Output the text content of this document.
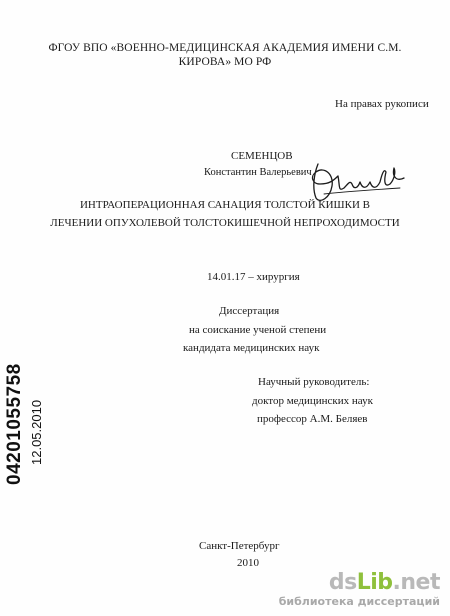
ФГОУ ВПО «ВОЕННО-МЕДИЦИНСКАЯ АКАДЕМИЯ ИМЕНИ С.М.
КИРОВА» МО РФ
На правах рукописи
СЕМЕНЦОВ
Константин Валерьевич
ИНТРАОПЕРАЦИОННАЯ САНАЦИЯ ТОЛСТОЙ КИШКИ В
ЛЕЧЕНИИ ОПУХОЛЕВОЙ ТОЛСТОКИШЕЧНОЙ НЕПРОХОДИМОСТИ
14.01.17 – хирургия
Диссертация
на соискание ученой степени
кандидата медицинских наук
Научный руководитель:
доктор медицинских наук
профессор А.М. Беляев
Санкт-Петербург
2010
04201055758 12.05.2010
dsLib.net
библиотека диссертаций
